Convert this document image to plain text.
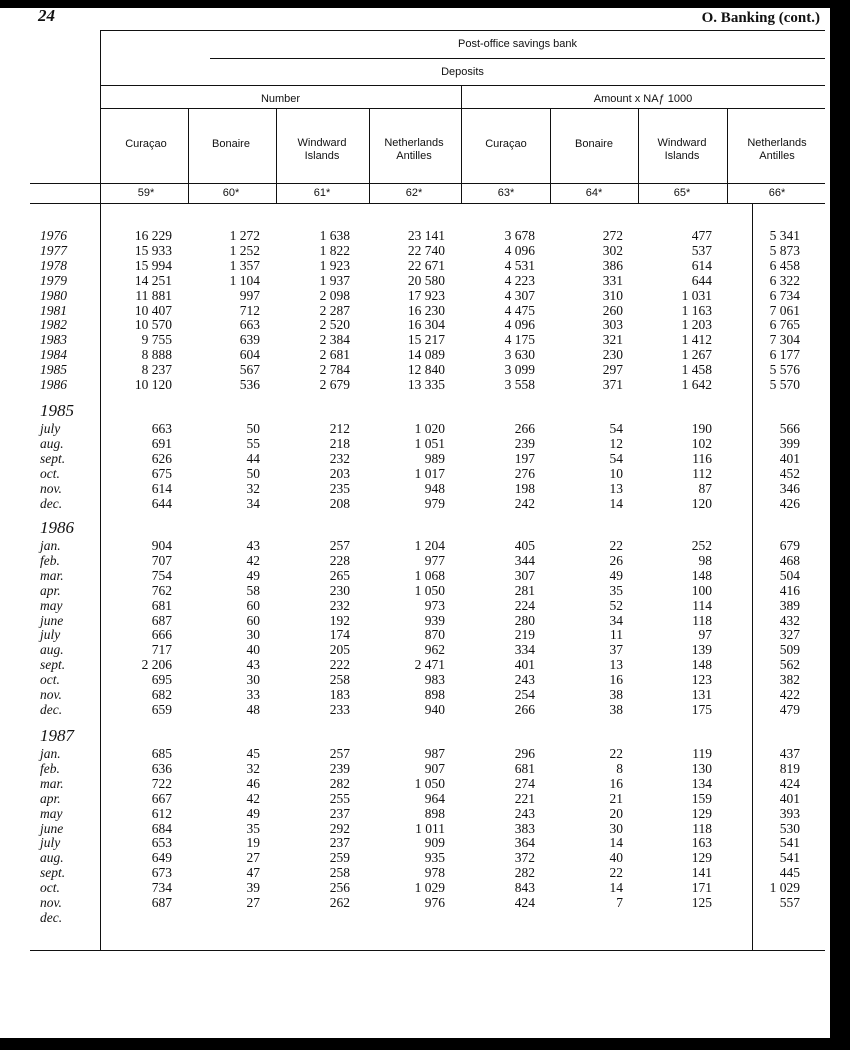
24	O. Banking (cont.)
Post-office savings bank
Deposits
Number	Amount x NAƒ 1000
Curaçao
59*
Bonaire
60*
Windward
Islands
61*
Netherlands
Antilles
62*
Curaçao
63*
Bonaire
64*
Windward
Islands
65*
Netherlands
Antilles
66*
1976	16 229	1 272	1 638	23 141	3 678	272	477	5 341
1977	15 933	1 252	1 822	22 740	4 096	302	537	5 873
1978	15 994	1 357	1 923	22 671	4 531	386	614	6 458
1979	14 251	1 104	1 937	20 580	4 223	331	644	6 322
1980	11 881	997	2 098	17 923	4 307	310	1 031	6 734
1981	10 407	712	2 287	16 230	4 475	260	1 163	7 061
1982	10 570	663	2 520	16 304	4 096	303	1 203	6 765
1983	9 755	639	2 384	15 217	4 175	321	1 412	7 304
1984	8 888	604	2 681	14 089	3 630	230	1 267	6 177
1985	8 237	567	2 784	12 840	3 099	297	1 458	5 576
1986	10 120	536	2 679	13 335	3 558	371	1 642	5 570
1985
july	663	50	212	1 020	266	54	190	566
aug.	691	55	218	1 051	239	12	102	399
sept.	626	44	232	989	197	54	116	401
oct.	675	50	203	1 017	276	10	112	452
nov.	614	32	235	948	198	13	87	346
dec.	644	34	208	979	242	14	120	426
1986
jan.	904	43	257	1 204	405	22	252	679
feb.	707	42	228	977	344	26	98	468
mar.	754	49	265	1 068	307	49	148	504
apr.	762	58	230	1 050	281	35	100	416
may	681	60	232	973	224	52	114	389
june	687	60	192	939	280	34	118	432
july	666	30	174	870	219	11	97	327
aug.	717	40	205	962	334	37	139	509
sept.	2 206	43	222	2 471	401	13	148	562
oct.	695	30	258	983	243	16	123	382
nov.	682	33	183	898	254	38	131	422
dec.	659	48	233	940	266	38	175	479
1987
jan.	685	45	257	987	296	22	119	437
feb.	636	32	239	907	681	8	130	819
mar.	722	46	282	1 050	274	16	134	424
apr.	667	42	255	964	221	21	159	401
may	612	49	237	898	243	20	129	393
june	684	35	292	1 011	383	30	118	530
july	653	19	237	909	364	14	163	541
aug.	649	27	259	935	372	40	129	541
sept.	673	47	258	978	282	22	141	445
oct.	734	39	256	1 029	843	14	171	1 029
nov.	687	27	262	976	424	7	125	557
dec.
